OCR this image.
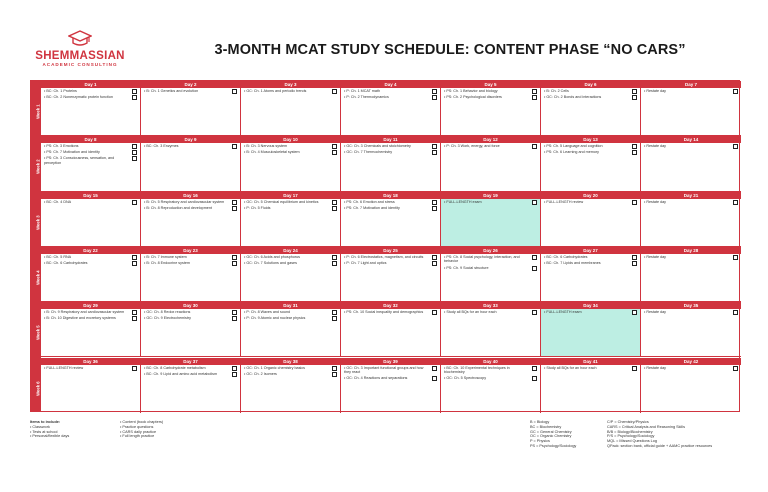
SHEMMASSIAN
ACADEMIC CONSULTING
3-MONTH MCAT STUDY SCHEDULE: CONTENT PHASE “NO CARS”
Week 1
Day 1
• BC: Ch. 1 Proteins
• BC: Ch. 2 Nonenzymatic protein function
Day 2
• B: Ch. 1 Genetics and evolution
Day 3
• GC: Ch. 1 Atoms and periodic trends
Day 4
• P: Ch. 1 MCAT math
• P: Ch. 2 Thermodynamics
Day 5
• PS: Ch. 1 Behavior and biology
• PS: Ch. 2 Psychological disorders
Day 6
• B: Ch. 2 Cells
• GC: Ch. 2 Bonds and interactions
Day 7
• Restate day
Week 2
Day 8
• PS: Ch. 3 Emotions
• PS: Ch. 7 Motivation and identity
• PS: Ch. 3 Consciousness, sensation, and perception
Day 9
• BC: Ch. 3 Enzymes
Day 10
• B: Ch. 3 Nervous system
• B: Ch. 4 Musculoskeletal system
Day 11
• GC: Ch. 3 Chemicals and stoichiometry
• GC: Ch. 7 Thermochemistry
Day 12
• P: Ch. 3 Work, energy, and force
Day 13
• PS: Ch. 5 Language and cognition
• PS: Ch. 6 Learning and memory
Day 14
• Restate day
Week 3
Day 15
• BC: Ch. 4 DNA
Day 16
• B: Ch. 5 Respiratory and cardiovascular system
• B: Ch. 8 Reproduction and development
Day 17
• GC: Ch. 5 Chemical equilibrium and kinetics
• P: Ch. 5 Fluids
Day 18
• PS: Ch. 6 Emotion and stress
• PS: Ch. 7 Motivation and identity
Day 19
• FULL-LENGTH exam
Day 20
• FULL-LENGTH review
Day 21
• Restate day
Week 4
Day 22
• BC: Ch. 5 RNA
• BC: Ch. 6 Carbohydrates
Day 23
• B: Ch. 7 Immune system
• B: Ch. 8 Endocrine system
Day 24
• GC: Ch. 6 Acids and phosphorus
• GC: Ch. 7 Solutions and gases
Day 25
• P: Ch. 6 Electrostatics, magnetism, and circuits
• P: Ch. 7 Light and optics
Day 26
• PS: Ch. 8 Social psychology, interaction, and behavior
• PS: Ch. 9 Social structure
Day 27
• BC: Ch. 6 Carbohydrates
• BC: Ch. 7 Lipids and membranes
Day 28
• Restate day
Week 5
Day 29
• B: Ch. 9 Respiratory and cardiovascular system
• B: Ch. 10 Digestive and excretory systems
Day 30
• GC: Ch. 8 Redox reactions
• GC: Ch. 9 Electrochemistry
Day 31
• P: Ch. 8 Waves and sound
• P: Ch. 9 Atomic and nuclear physics
Day 32
• PS: Ch. 10 Social inequality and demographics
Day 33
• Study all BQs for an hour each
Day 34
• FULL-LENGTH exam
Day 35
• Restate day
Week 6
Day 36
• FULL-LENGTH review
Day 37
• BC: Ch. 8 Carbohydrate metabolism
• BC: Ch. 9 Lipid and amino acid metabolism
Day 38
• OC: Ch. 1 Organic chemistry basics
• OC: Ch. 2 Isomers
Day 39
• OC: Ch. 3 Important functional groups and how they react
• OC: Ch. 4 Reactions and separations
Day 40
• BC: Ch. 10 Experimental techniques in biochemistry
• OC: Ch. 5 Spectroscopy
Day 41
• Study all BQs for an hour each
Day 42
• Restate day
Items to include:
• Classwork
• Tests at school
• Personal/flexible days
• Content (book chapters)
• Practice questions
• CARS daily practice
• Full length practice
B = Biology
BC = Biochemistry
GC = General Chemistry
OC = Organic Chemistry
P = Physics
PS = Psychology/Sociology
C/P = Chemistry/Physics
CARS = Critical Analysis and Reasoning Skills
B/B = Biology/Biochemistry
P/S = Psychology/Sociology
MQL = Missed Questions Log
QPack: section bank, official guide + AAMC practice resources
